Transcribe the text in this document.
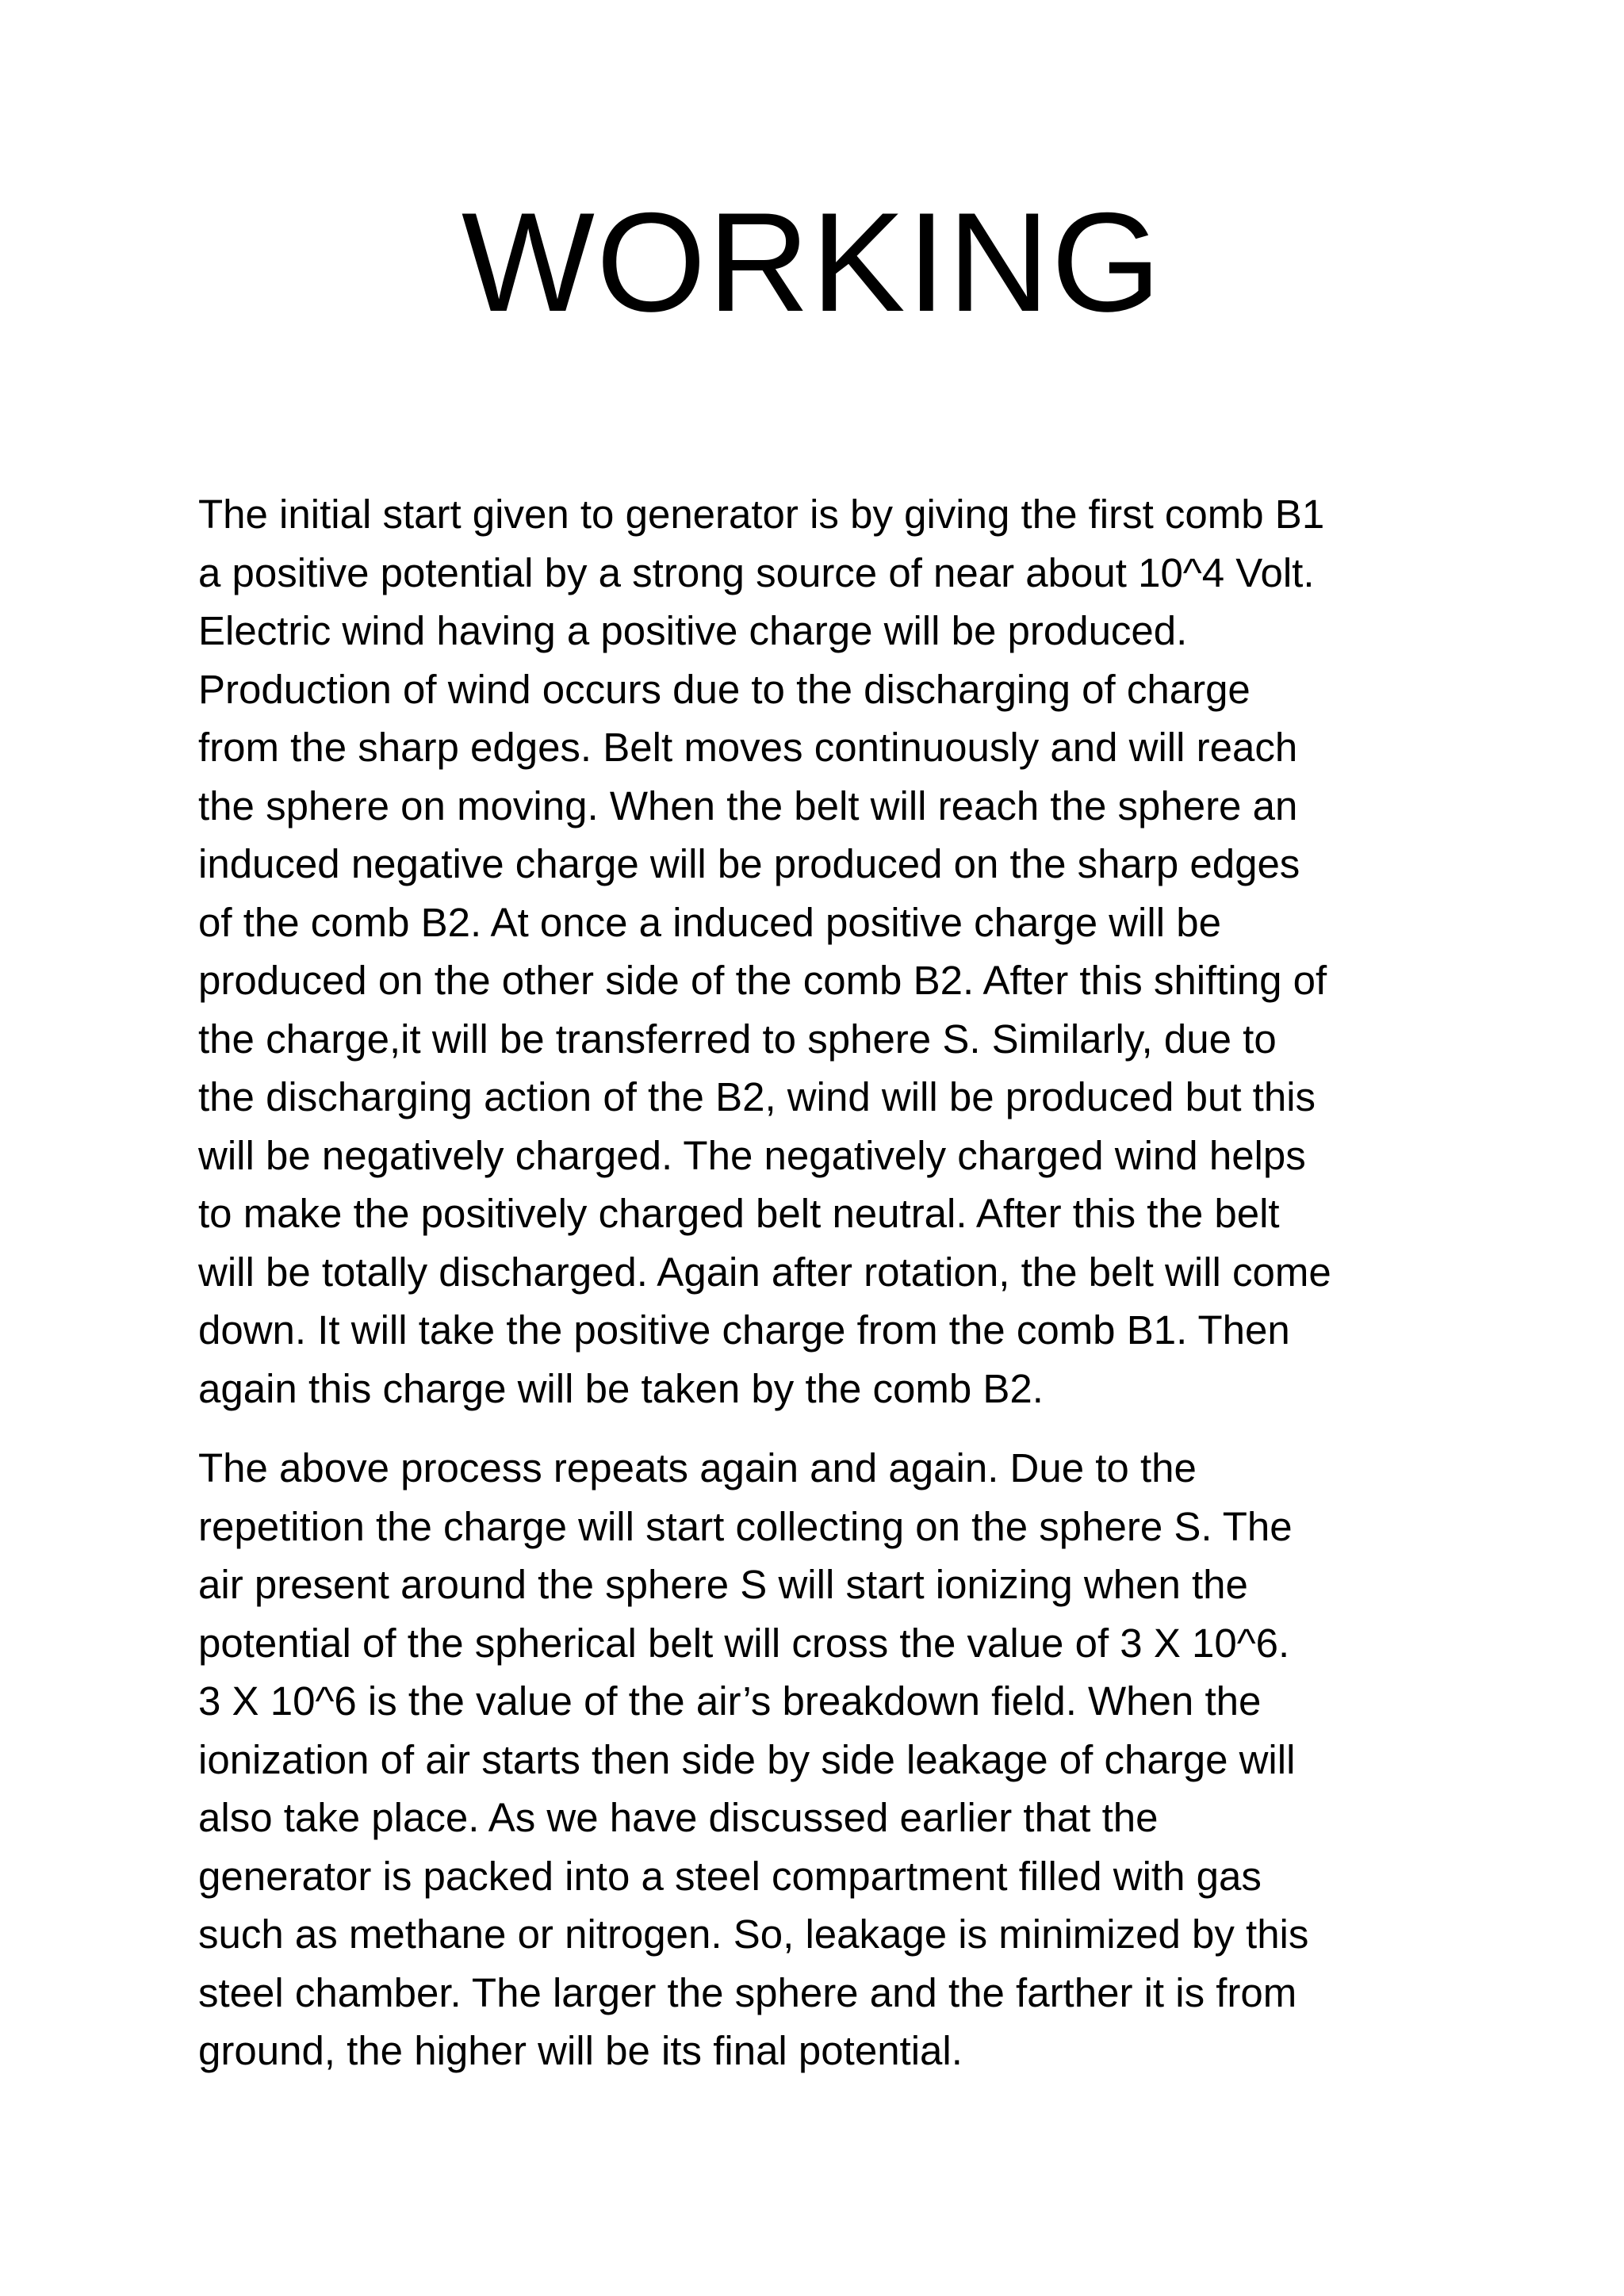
WORKING
The initial start given to generator is by giving the first comb B1
a positive potential by a strong source of near about 10^4 Volt.
Electric wind having a positive charge will be produced.
Production of wind occurs due to the discharging of charge
from the sharp edges. Belt moves continuously and will reach
the sphere on moving. When the belt will reach the sphere an
induced negative charge will be produced on the sharp edges
of the comb B2. At once a induced positive charge will be
produced on the other side of the comb B2. After this shifting of
the charge,it will be transferred to sphere S. Similarly, due to
the discharging action of the B2, wind will be produced but this
will be negatively charged. The negatively charged wind helps
to make the positively charged belt neutral. After this the belt
will be totally discharged. Again after rotation, the belt will come
down. It will take the positive charge from the comb B1. Then
again this charge will be taken by the comb B2.
The above process repeats again and again. Due to the
repetition the charge will start collecting on the sphere S. The
air present around the sphere S will start ionizing when the
potential of the spherical belt will cross the value of 3 X 10^6.
3 X 10^6 is the value of the air’s breakdown field. When the
ionization of air starts then side by side leakage of charge will
also take place. As we have discussed earlier that the
generator is packed into a steel compartment filled with gas
such as methane or nitrogen. So, leakage is minimized by this
steel chamber. The larger the sphere and the farther it is from
ground, the higher will be its final potential.
